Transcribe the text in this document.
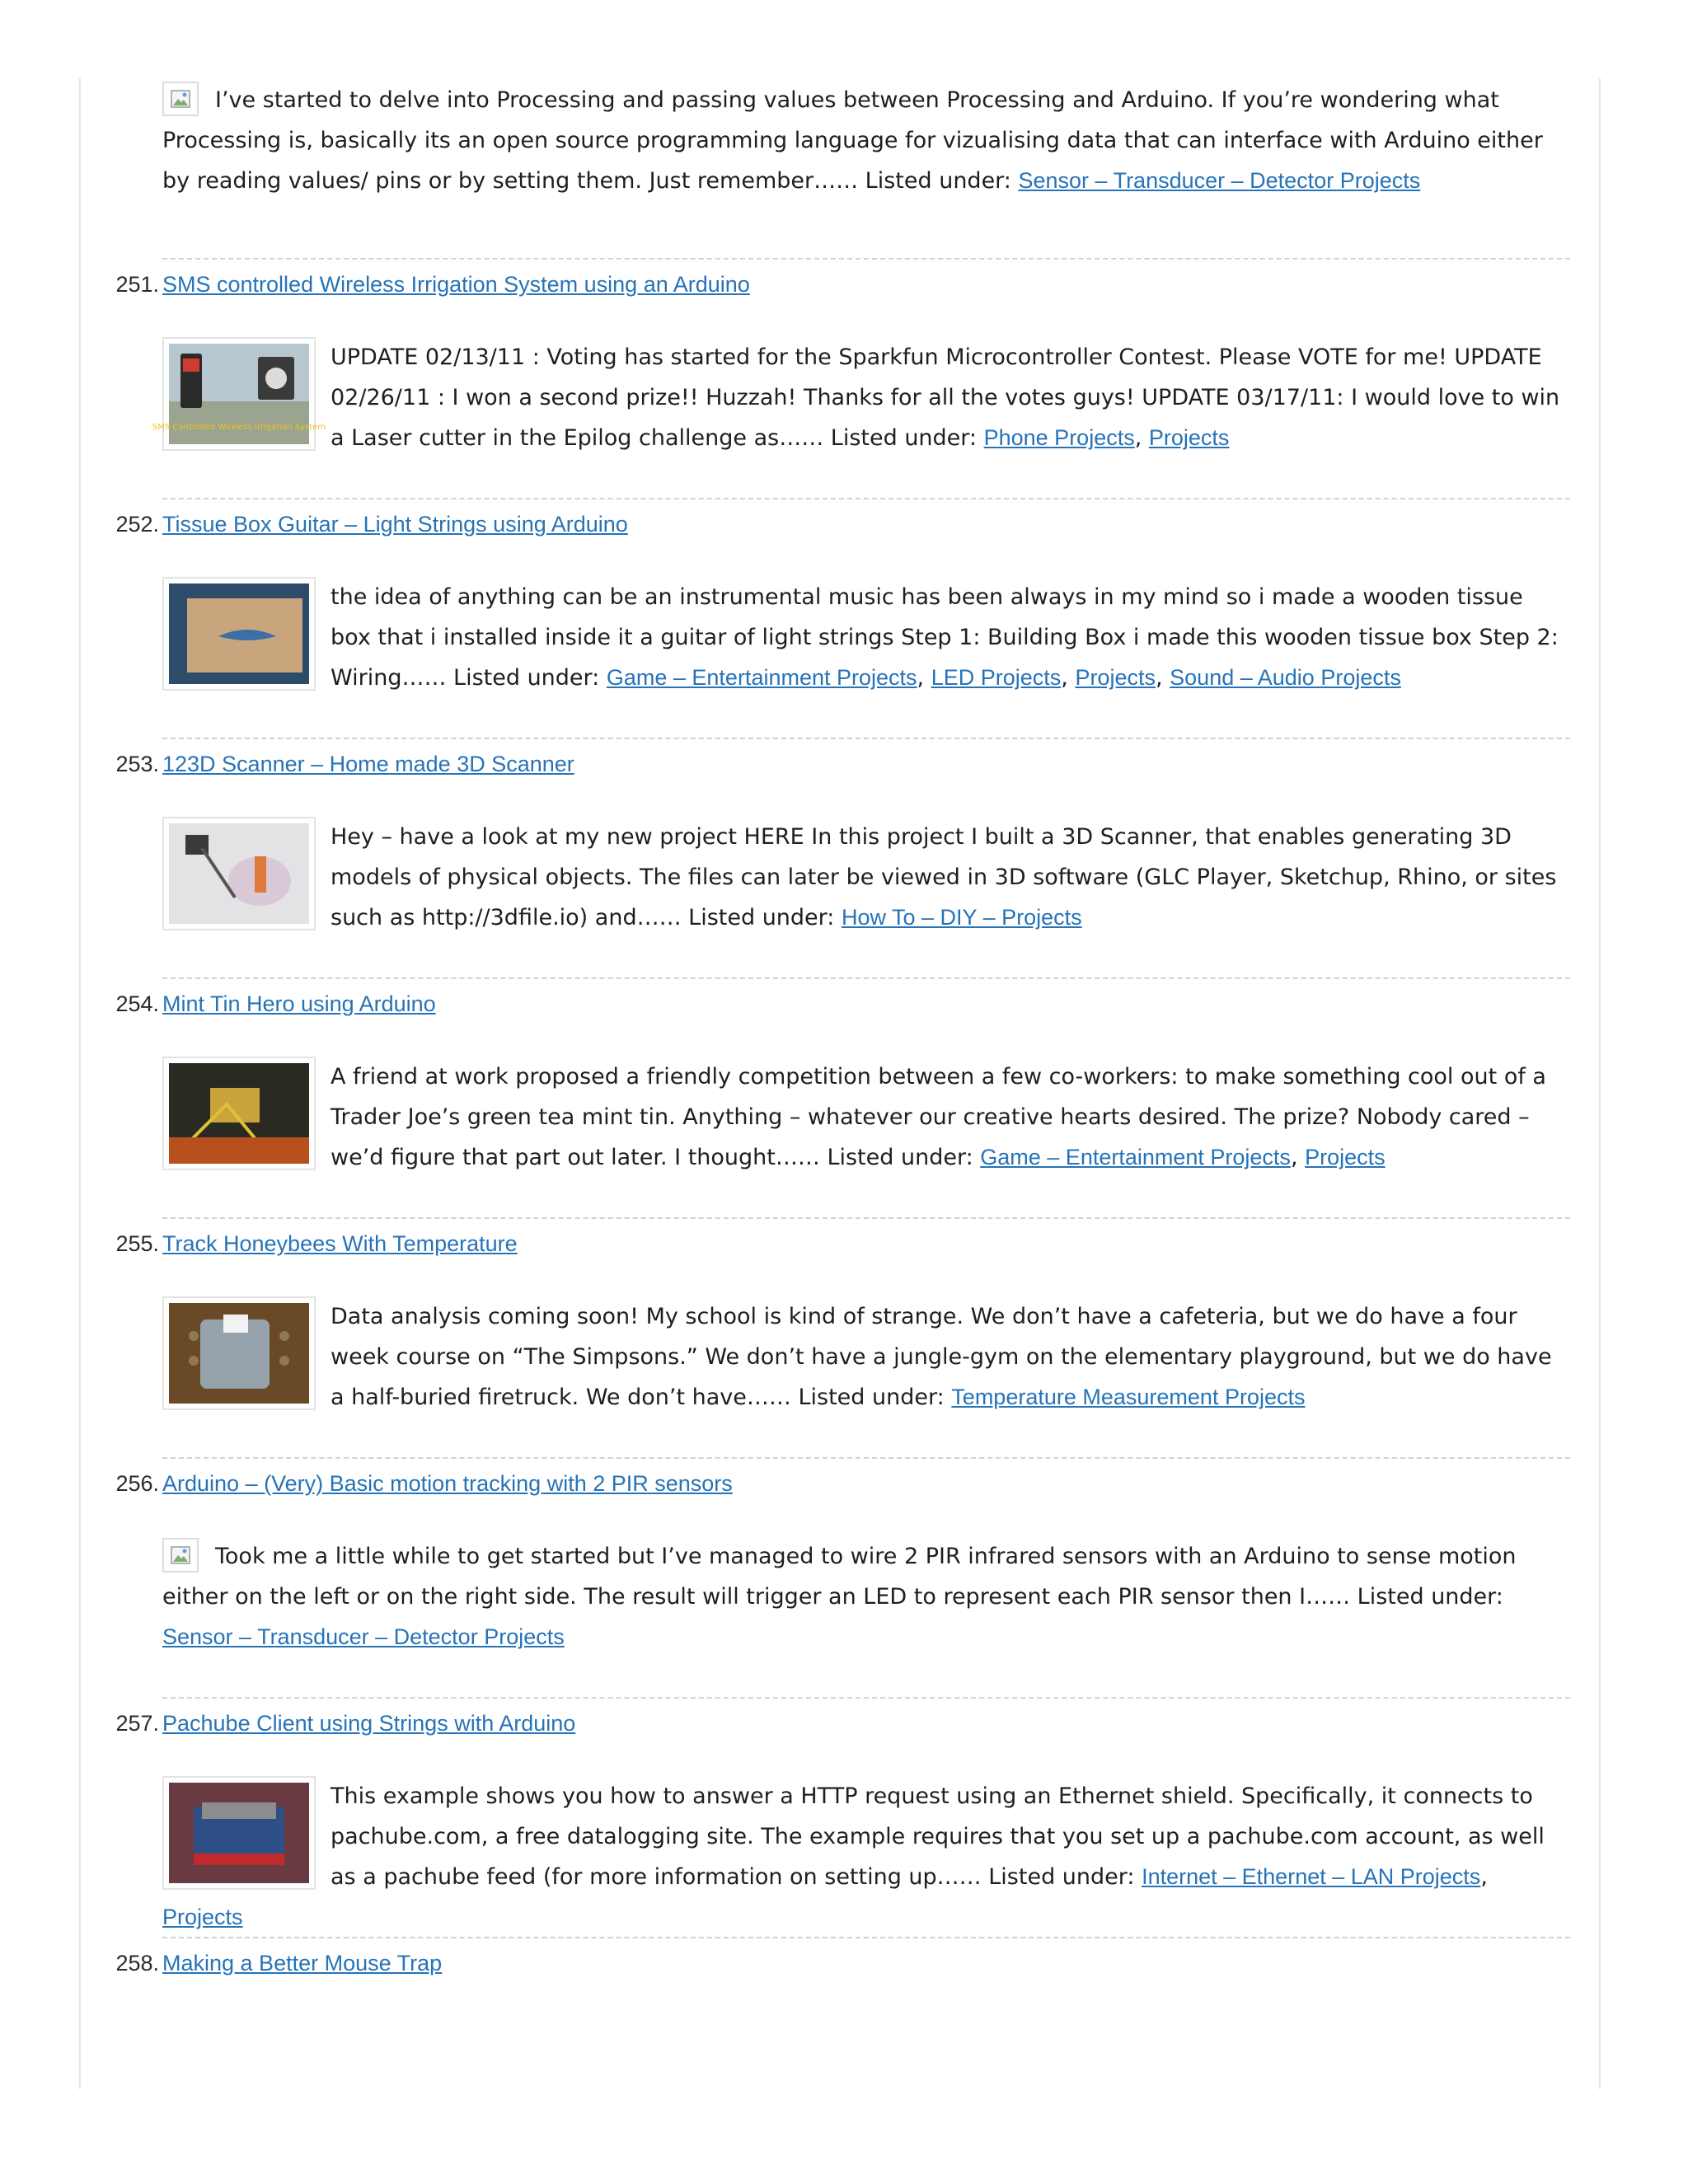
I’ve started to delve into Processing and passing values between Processing and Arduino. If you’re wondering what Processing is, basically its an open source programming language for vizualising data that can interface with Arduino either by reading values/ pins or by setting them. Just remember…… Listed under: Sensor – Transducer – Detector Projects
251. SMS controlled Wireless Irrigation System using an Arduino
SMS Controlled Wireless Irrigation System
UPDATE 02/13/11 : Voting has started for the Sparkfun Microcontroller Contest. Please VOTE for me! UPDATE 02/26/11 : I won a second prize!! Huzzah! Thanks for all the votes guys! UPDATE 03/17/11: I would love to win a Laser cutter in the Epilog challenge as…… Listed under: Phone Projects, Projects
252. Tissue Box Guitar – Light Strings using Arduino
the idea of anything can be an instrumental music has been always in my mind so i made a wooden tissue box that i installed inside it a guitar of light strings Step 1: Building Box i made this wooden tissue box Step 2: Wiring…… Listed under: Game – Entertainment Projects, LED Projects, Projects, Sound – Audio Projects
253. 123D Scanner – Home made 3D Scanner
Hey – have a look at my new project HERE In this project I built a 3D Scanner, that enables generating 3D models of physical objects. The files can later be viewed in 3D software (GLC Player, Sketchup, Rhino, or sites such as http://3dfile.io) and…… Listed under: How To – DIY – Projects
254. Mint Tin Hero using Arduino
A friend at work proposed a friendly competition between a few co-workers: to make something cool out of a Trader Joe’s green tea mint tin. Anything – whatever our creative hearts desired. The prize? Nobody cared – we’d figure that part out later. I thought…… Listed under: Game – Entertainment Projects, Projects
255. Track Honeybees With Temperature
Data analysis coming soon! My school is kind of strange. We don’t have a cafeteria, but we do have a four week course on “The Simpsons.” We don’t have a jungle-gym on the elementary playground, but we do have a half-buried firetruck. We don’t have…… Listed under: Temperature Measurement Projects
256. Arduino – (Very) Basic motion tracking with 2 PIR sensors
Took me a little while to get started but I’ve managed to wire 2 PIR infrared sensors with an Arduino to sense motion either on the left or on the right side. The result will trigger an LED to represent each PIR sensor then I…… Listed under: Sensor – Transducer – Detector Projects
257. Pachube Client using Strings with Arduino
This example shows you how to answer a HTTP request using an Ethernet shield. Specifically, it connects to pachube.com, a free datalogging site. The example requires that you set up a pachube.com account, as well as a pachube feed (for more information on setting up…… Listed under: Internet – Ethernet – LAN Projects, Projects
258. Making a Better Mouse Trap
